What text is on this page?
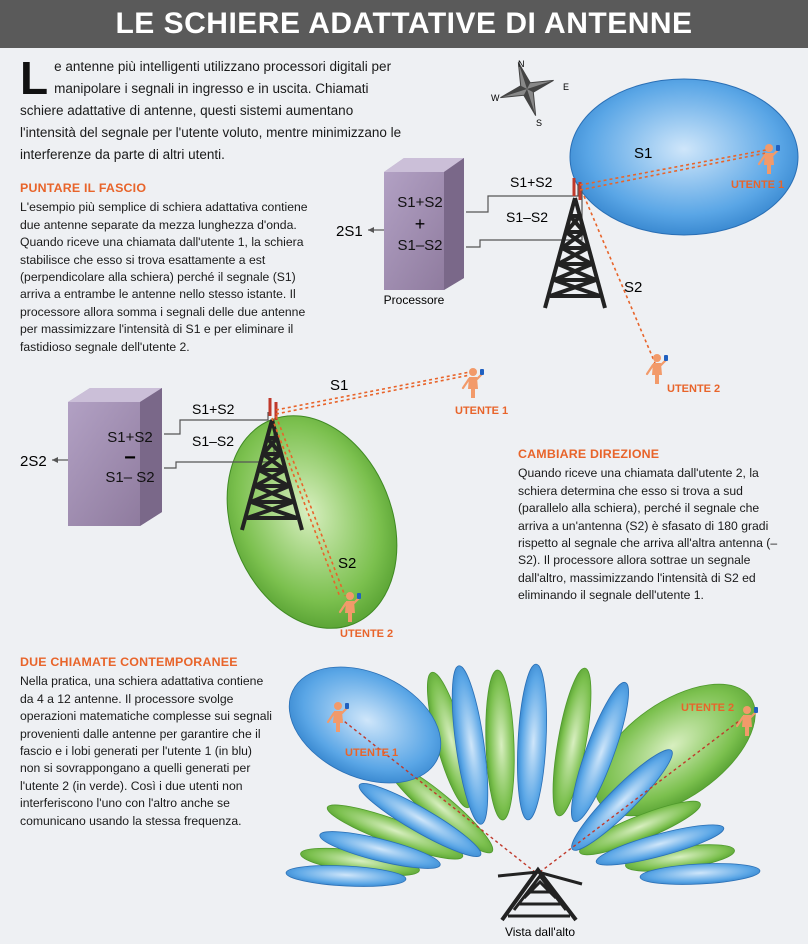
LE SCHIERE ADATTATIVE DI ANTENNE
Le antenne più intelligenti utilizzano processori digitali per manipolare i segnali in ingresso e in uscita. Chiamati schiere adattative di antenne, questi sistemi aumentano l'intensità del segnale per l'utente voluto, mentre minimizzano le interferenze da parte di altri utenti.
PUNTARE IL FASCIO

L'esempio più semplice di schiera adattativa contiene due antenne separate da mezza lunghezza d'onda. Quando riceve una chiamata dall'utente 1, la schiera stabilisce che esso si trova esattamente a est (perpendicolare alla schiera) perché il segnale (S1) arriva a entrambe le antenne nello stesso istante. Il processore allora somma i segnali delle due antenne per massimizzare l'intensità di S1 e per eliminare il fastidioso segnale dell'utente 2.

CAMBIARE DIREZIONE

Quando riceve una chiamata dall'utente 2, la schiera determina che esso si trova a sud (parallelo alla schiera), perché il segnale che arriva a un'antenna (S2) è sfasato di 180 gradi rispetto al segnale che arriva all'altra antenna (–S2). Il processore allora sottrae un segnale dall'altro, massimizzando l'intensità di S2 ed eliminando il segnale dell'utente 1.

DUE CHIAMATE CONTEMPORANEE

Nella pratica, una schiera adattativa contiene da 4 a 12 antenne. Il processore svolge operazioni matematiche complesse sui segnali provenienti dalle antenne per garantire che il fascio e i lobi generati per l'utente 1 (in blu) non si sovrappongano a quelli generati per l'utente 2 (in verde). Così i due utenti non interferiscono l'uno con l'altro anche se comunicano usando la stessa frequenza.

N
E
S
W
S1+S2
+
S1–S2
Processore
2S1
S1+S2
S1–S2
S1
S2
UTENTE 1
UTENTE 2
S1+S2
−
S1– S2
2S2
S1+S2
S1–S2
S1
S2
UTENTE 1
UTENTE 2
UTENTE 1
UTENTE 2
Vista dall'alto
